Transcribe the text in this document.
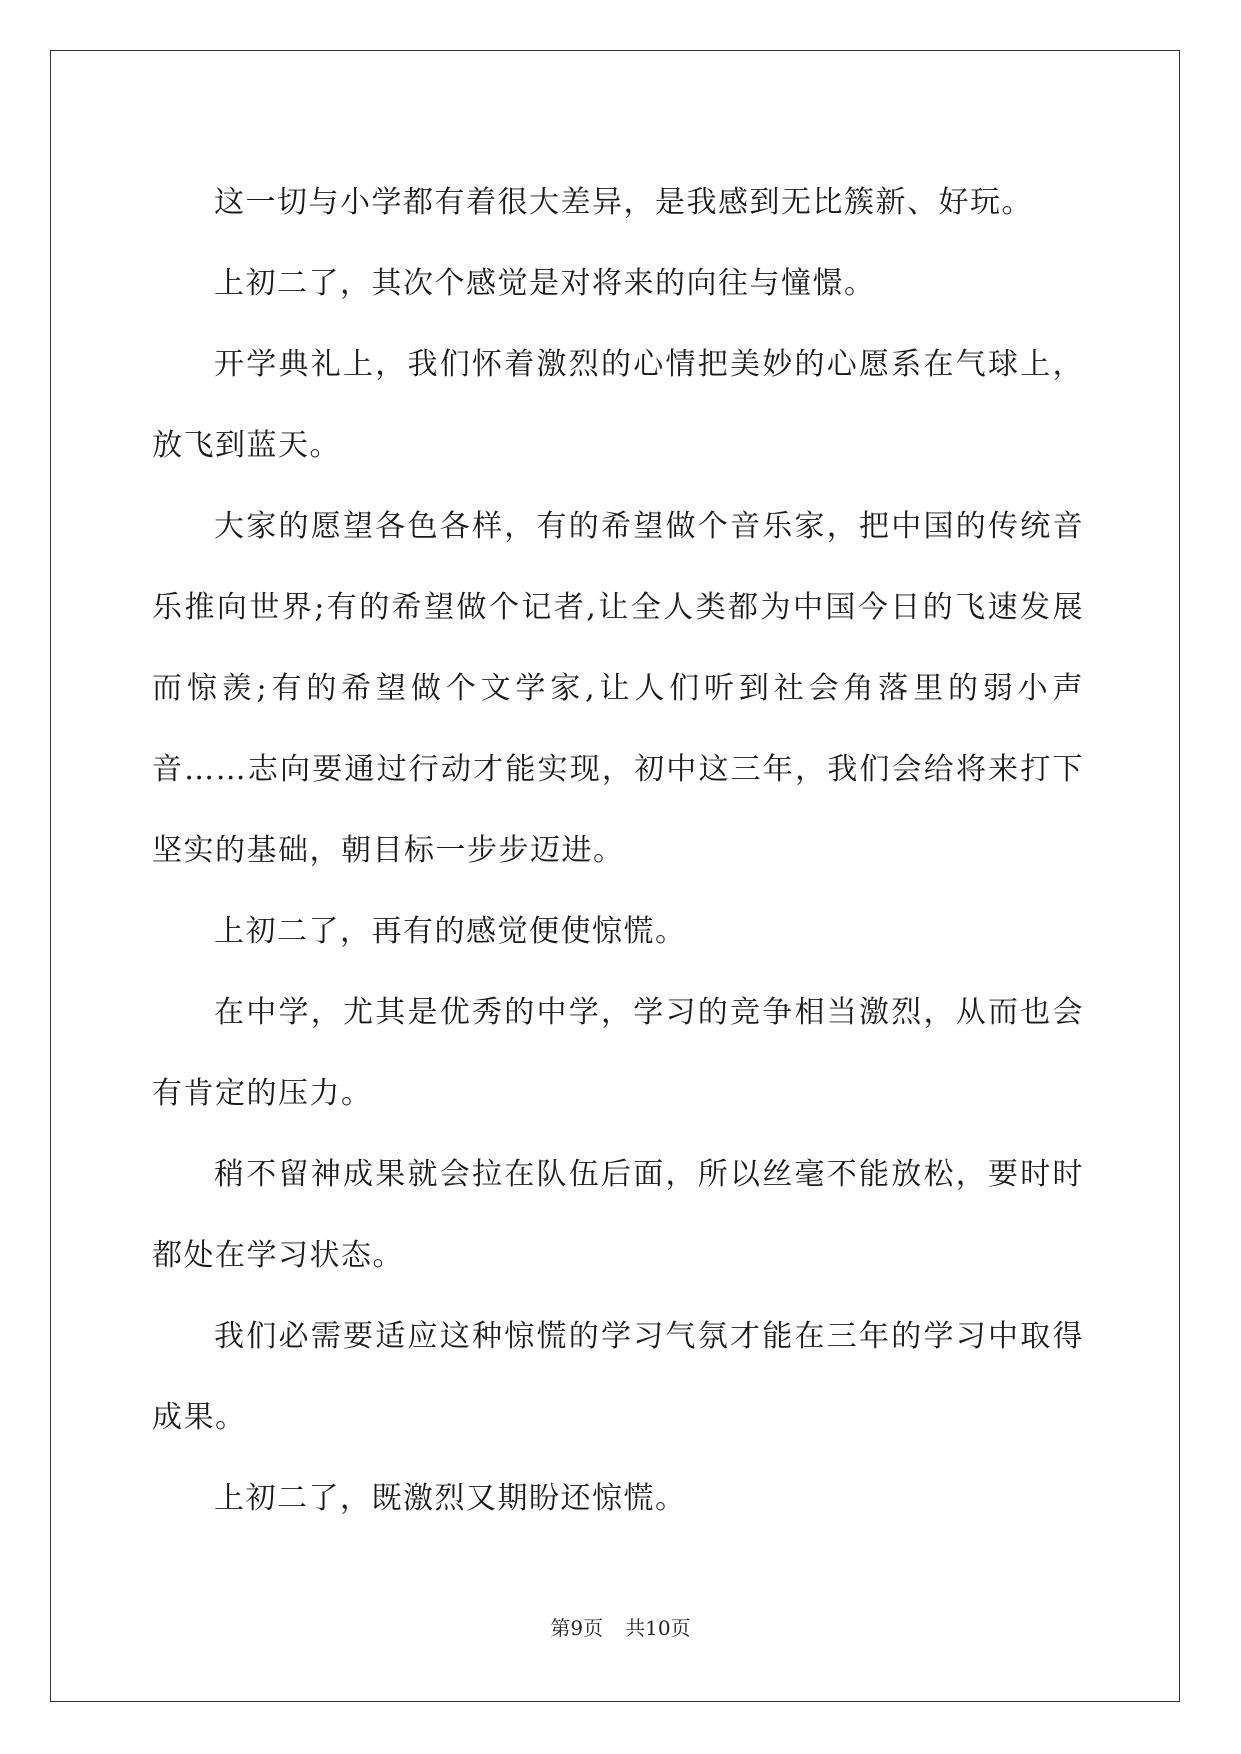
这一切与小学都有着很大差异，是我感到无比簇新、好玩。

上初二了，其次个感觉是对将来的向往与憧憬。

开学典礼上，我们怀着激烈的心情把美妙的心愿系在气球上，放飞到蓝天。

大家的愿望各色各样，有的希望做个音乐家，把中国的传统音乐推向世界;有的希望做个记者,让全人类都为中国今日的飞速发展而惊羡;有的希望做个文学家,让人们听到社会角落里的弱小声音……志向要通过行动才能实现，初中这三年，我们会给将来打下坚实的基础，朝目标一步步迈进。

上初二了，再有的感觉便使惊慌。

在中学，尤其是优秀的中学，学习的竞争相当激烈，从而也会有肯定的压力。

稍不留神成果就会拉在队伍后面，所以丝毫不能放松，要时时都处在学习状态。

我们必需要适应这种惊慌的学习气氛才能在三年的学习中取得成果。

上初二了，既激烈又期盼还惊慌。

第9页 共10页
